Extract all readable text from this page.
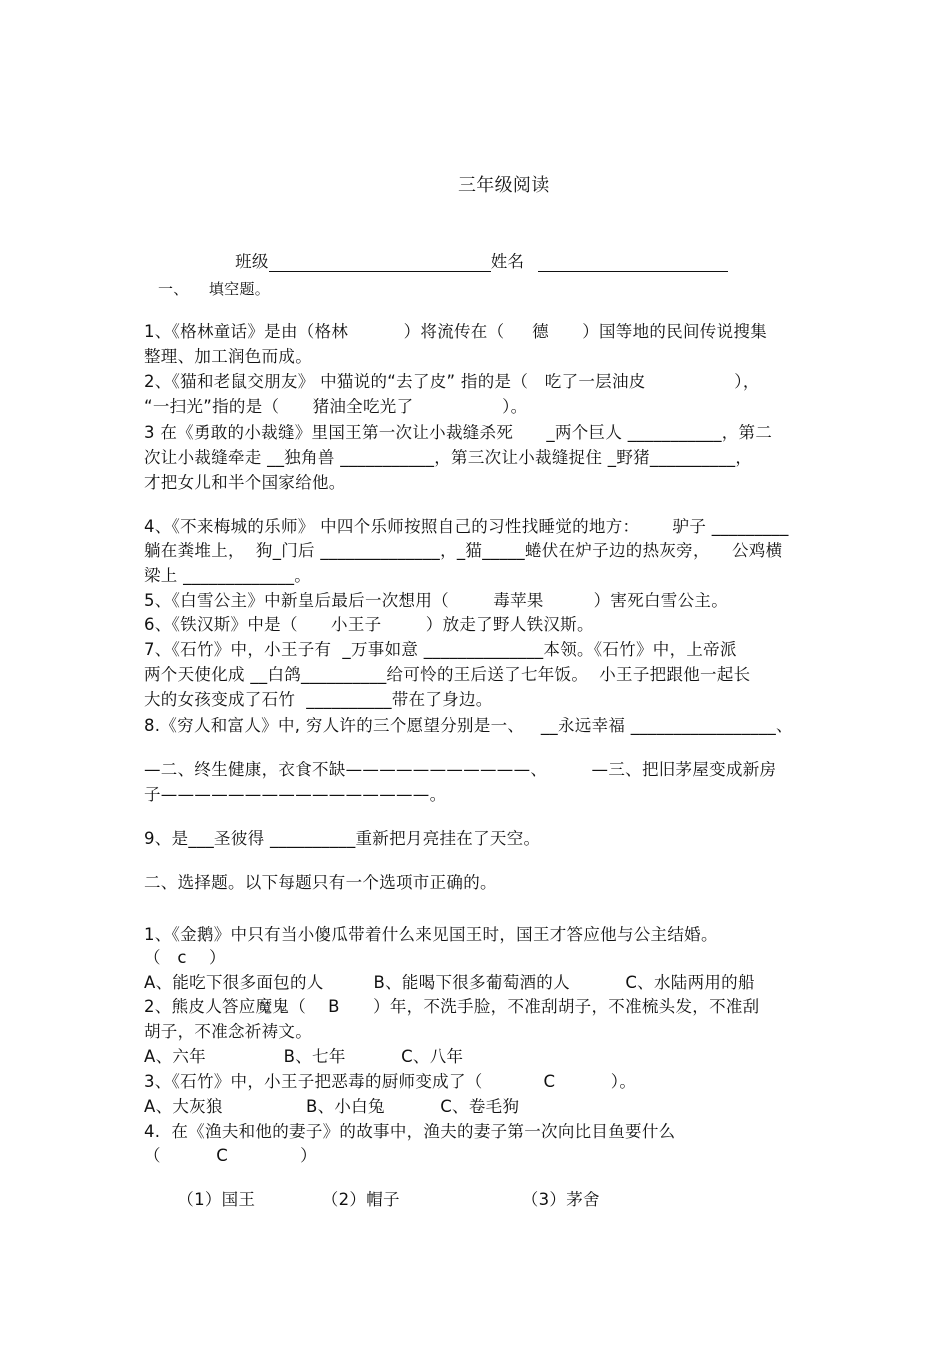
三年级阅读

班级	姓名

一、    填空题。
1、《格林童话》是由（格林          ）将流传在（     德      ）国等地的民间传说搜集
整理、加工润色而成。
2、《猫和老鼠交朋友》 中猫说的“去了皮” 指的是（   吃了一层油皮                ），
“一扫光”指的是（      猪油全吃光了                ）。
3 在《勇敢的小裁缝》里国王第一次让小裁缝杀死      _两个巨人 ___________，第二
次让小裁缝牵走 __独角兽 ___________，第三次让小裁缝捉住 _野猪__________，
才把女儿和半个国家给他。
4、《不来梅城的乐师》 中四个乐师按照自己的习性找睡觉的地方：      驴子 _________
躺在粪堆上，  狗_门后 ______________，_猫_____蜷伏在炉子边的热灰旁，    公鸡横
梁上 _____________。
5、《白雪公主》中新皇后最后一次想用（        毒苹果         ）害死白雪公主。
6、《铁汉斯》中是（      小王子        ）放走了野人铁汉斯。
7、《石竹》中，小王子有  _万事如意 ______________本领。《石竹》中，上帝派
两个天使化成 __白鸽__________给可怜的王后送了七年饭。  小王子把跟他一起长
大的女孩变成了石竹  __________带在了身边。
8.《穷人和富人》中, 穷人许的三个愿望分别是一、   __永远幸福 _________________、
—二、终生健康，衣食不缺———————————、        —三、把旧茅屋变成新房
子————————————————。
9、是___圣彼得 __________重新把月亮挂在了天空。
二、选择题。以下每题只有一个选项市正确的。
1、《金鹅》中只有当小傻瓜带着什么来见国王时，国王才答应他与公主结婚。
（   c    ）
A、能吃下很多面包的人         B、能喝下很多葡萄酒的人          C、水陆两用的船
2、熊皮人答应魔鬼（    B      ）年，不洗手脸，不准刮胡子，不准梳头发，不准刮
胡子，不准念祈祷文。
A、六年              B、七年          C、八年
3、《石竹》中，小王子把恶毒的厨师变成了（           C          ）。
A、大灰狼               B、小白兔          C、卷毛狗
4.  在《渔夫和他的妻子》的故事中，渔夫的妻子第一次向比目鱼要什么
（          C             ）
（1）国王            （2）帽子                      （3）茅舍
